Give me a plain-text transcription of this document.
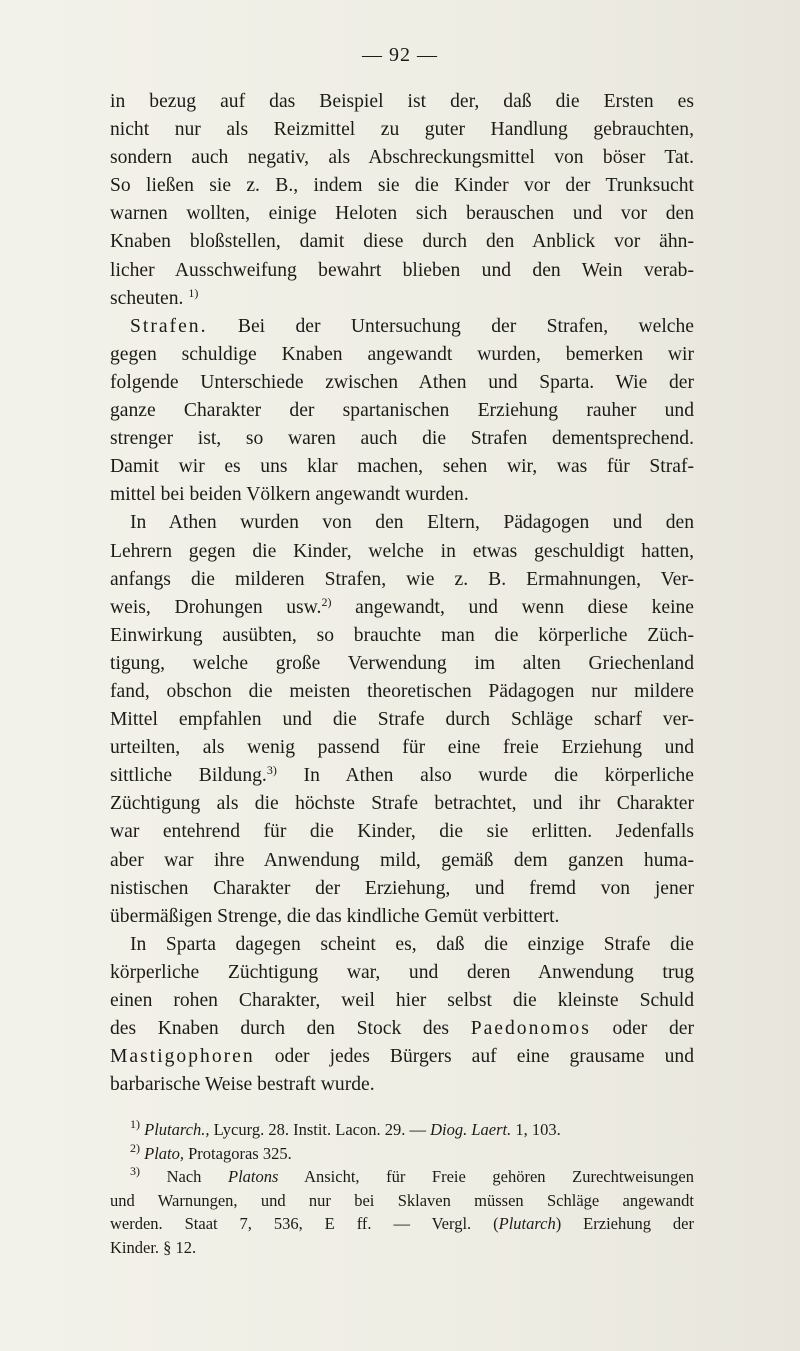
— 92 —
in bezug auf das Beispiel ist der, daß die Ersten es
nicht nur als Reizmittel zu guter Handlung gebrauchten,
sondern auch negativ, als Abschreckungsmittel von böser Tat.
So ließen sie z. B., indem sie die Kinder vor der Trunksucht
warnen wollten, einige Heloten sich berauschen und vor den
Knaben bloßstellen, damit diese durch den Anblick vor ähn-
licher Ausschweifung bewahrt blieben und den Wein verab-
scheuten. $^{1)}$
Strafen. Bei der Untersuchung der Strafen, welche
gegen schuldige Knaben angewandt wurden, bemerken wir
folgende Unterschiede zwischen Athen und Sparta. Wie der
ganze Charakter der spartanischen Erziehung rauher und
strenger ist, so waren auch die Strafen dementsprechend.
Damit wir es uns klar machen, sehen wir, was für Straf-
mittel bei beiden Völkern angewandt wurden.
In Athen wurden von den Eltern, Pädagogen und den
Lehrern gegen die Kinder, welche in etwas geschuldigt hatten,
anfangs die milderen Strafen, wie z. B. Ermahnungen, Ver-
weis, Drohungen usw.$^{2)}$ angewandt, und wenn diese keine
Einwirkung ausübten, so brauchte man die körperliche Züch-
tigung, welche große Verwendung im alten Griechenland
fand, obschon die meisten theoretischen Pädagogen nur mildere
Mittel empfahlen und die Strafe durch Schläge scharf ver-
urteilten, als wenig passend für eine freie Erziehung und
sittliche Bildung.$^{3)}$ In Athen also wurde die körperliche
Züchtigung als die höchste Strafe betrachtet, und ihr Charakter
war entehrend für die Kinder, die sie erlitten. Jedenfalls
aber war ihre Anwendung mild, gemäß dem ganzen huma-
nistischen Charakter der Erziehung, und fremd von jener
übermäßigen Strenge, die das kindliche Gemüt verbittert.
In Sparta dagegen scheint es, daß die einzige Strafe die
körperliche Züchtigung war, und deren Anwendung trug
einen rohen Charakter, weil hier selbst die kleinste Schuld
des Knaben durch den Stock des Paedonomos oder der
Mastigophoren oder jedes Bürgers auf eine grausame und
barbarische Weise bestraft wurde.
$^{1)}$ Plutarch., Lycurg. 28. Instit. Lacon. 29. — Diog. Laert. 1, 103.
$^{2)}$ Plato, Protagoras 325.
$^{3)}$ Nach Platons Ansicht, für Freie gehören Zurechtweisungen
und Warnungen, und nur bei Sklaven müssen Schläge angewandt
werden. Staat 7, 536, E ff. — Vergl. (Plutarch) Erziehung der
Kinder. § 12.
